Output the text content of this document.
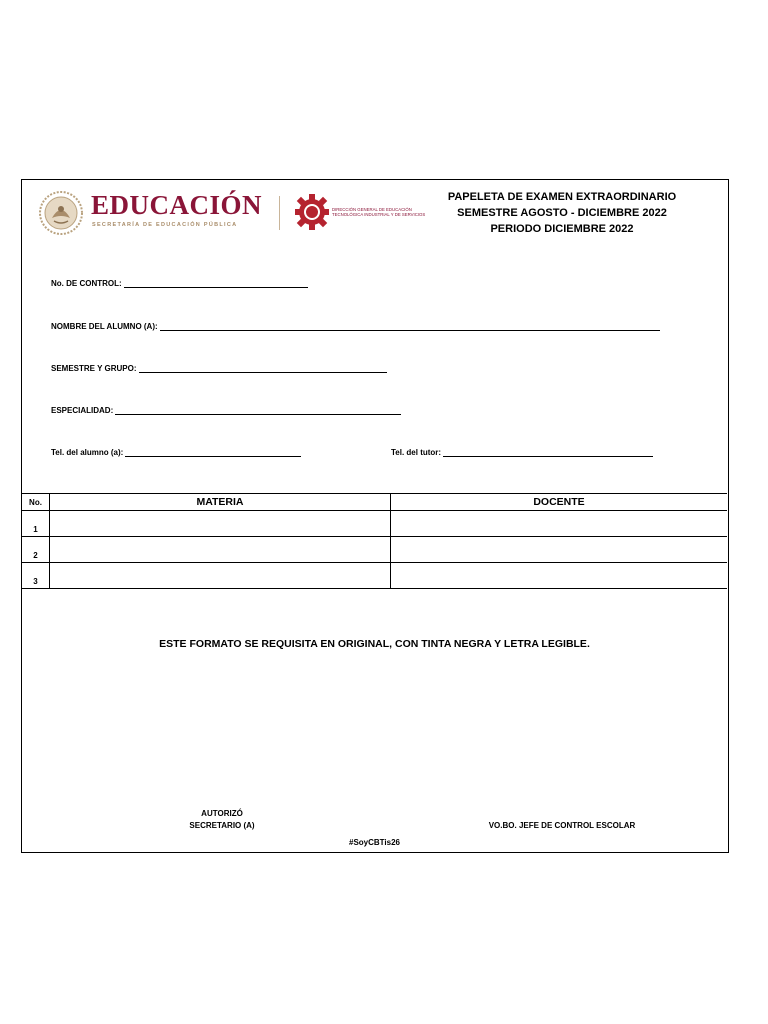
EDUCACIÓN
SECRETARÍA DE EDUCACIÓN PÚBLICA
DIRECCIÓN GENERAL DE EDUCACIÓN TECNOLÓGICA INDUSTRIAL Y DE SERVICIOS
PAPELETA DE EXAMEN EXTRAORDINARIO
SEMESTRE AGOSTO - DICIEMBRE 2022
PERIODO DICIEMBRE 2022
No. DE CONTROL:
NOMBRE DEL ALUMNO (A):
SEMESTRE Y GRUPO:
ESPECIALIDAD:
Tel. del alumno (a):	Tel. del tutor:
No.	MATERIA	DOCENTE
1		
2		
3		
ESTE FORMATO SE REQUISITA EN ORIGINAL, CON TINTA NEGRA Y LETRA LEGIBLE.
AUTORIZÓ
SECRETARIO (A)	VO.BO. JEFE DE CONTROL ESCOLAR
#SoyCBTis26
